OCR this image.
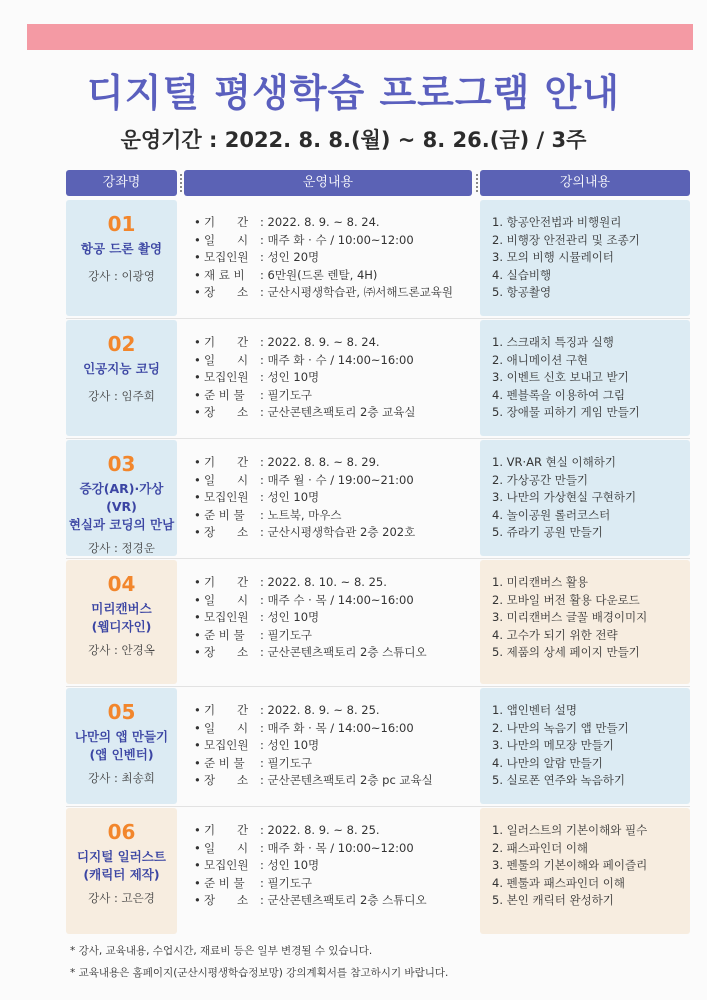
디지털 평생학습 프로그램 안내
운영기간 : 2022. 8. 8.(월) ~ 8. 26.(금) / 3주
강좌명	운영내용	강의내용
01
항공 드론 촬영
강사 : 이광영
• 기      간 : 2022. 8. 9. ~ 8. 24.
• 일      시 : 매주 화 · 수 / 10:00~12:00
• 모집인원 : 성인 20명
• 재 료 비 : 6만원(드론 렌탈, 4H)
• 장      소 : 군산시평생학습관, ㈜서해드론교육원
1. 항공안전법과 비행원리
2. 비행장 안전관리 및 조종기
3. 모의 비행 시뮬레이터
4. 실습비행
5. 항공촬영
02
인공지능 코딩
강사 : 임주희
• 기      간 : 2022. 8. 9. ~ 8. 24.
• 일      시 : 매주 화 · 수 / 14:00~16:00
• 모집인원 : 성인 10명
• 준 비 물 : 필기도구
• 장      소 : 군산콘텐츠팩토리 2층 교육실
1. 스크래치 특징과 실행
2. 애니메이션 구현
3. 이벤트 신호 보내고 받기
4. 펜블록을 이용하여 그림
5. 장애물 피하기 게임 만들기
03
증강(AR)·가상(VR)
현실과 코딩의 만남
강사 : 정경운
• 기      간 : 2022. 8. 8. ~ 8. 29.
• 일      시 : 매주 월 · 수 / 19:00~21:00
• 모집인원 : 성인 10명
• 준 비 물 : 노트북, 마우스
• 장      소 : 군산시평생학습관 2층 202호
1. VR·AR 현실 이해하기
2. 가상공간 만들기
3. 나만의 가상현실 구현하기
4. 놀이공원 롤러코스터
5. 쥬라기 공원 만들기
04
미리캔버스
(웹디자인)
강사 : 안경옥
• 기      간 : 2022. 8. 10. ~ 8. 25.
• 일      시 : 매주 수 · 목 / 14:00~16:00
• 모집인원 : 성인 10명
• 준 비 물 : 필기도구
• 장      소 : 군산콘텐츠팩토리 2층 스튜디오
1. 미리캔버스 활용
2. 모바일 버전 활용 다운로드
3. 미리캔버스 글꼴 배경이미지
4. 고수가 되기 위한 전략
5. 제품의 상세 페이지 만들기
05
나만의 앱 만들기
(앱 인벤터)
강사 : 최송희
• 기      간 : 2022. 8. 9. ~ 8. 25.
• 일      시 : 매주 화 · 목 / 14:00~16:00
• 모집인원 : 성인 10명
• 준 비 물 : 필기도구
• 장      소 : 군산콘텐츠팩토리 2층 pc 교육실
1. 앱인벤터 설명
2. 나만의 녹음기 앱 만들기
3. 나만의 메모장 만들기
4. 나만의 알람 만들기
5. 실로폰 연주와 녹음하기
06
디지털 일러스트
(캐릭터 제작)
강사 : 고은경
• 기      간 : 2022. 8. 9. ~ 8. 25.
• 일      시 : 매주 화 · 목 / 10:00~12:00
• 모집인원 : 성인 10명
• 준 비 물 : 필기도구
• 장      소 : 군산콘텐츠팩토리 2층 스튜디오
1. 일러스트의 기본이해와 필수
2. 패스파인더 이해
3. 펜툴의 기본이해와 페이즐리
4. 펜툴과 패스파인더 이해
5. 본인 캐릭터 완성하기
* 강사, 교육내용, 수업시간, 재료비 등은 일부 변경될 수 있습니다.
* 교육내용은 홈페이지(군산시평생학습정보망) 강의계획서를 참고하시기 바랍니다.
